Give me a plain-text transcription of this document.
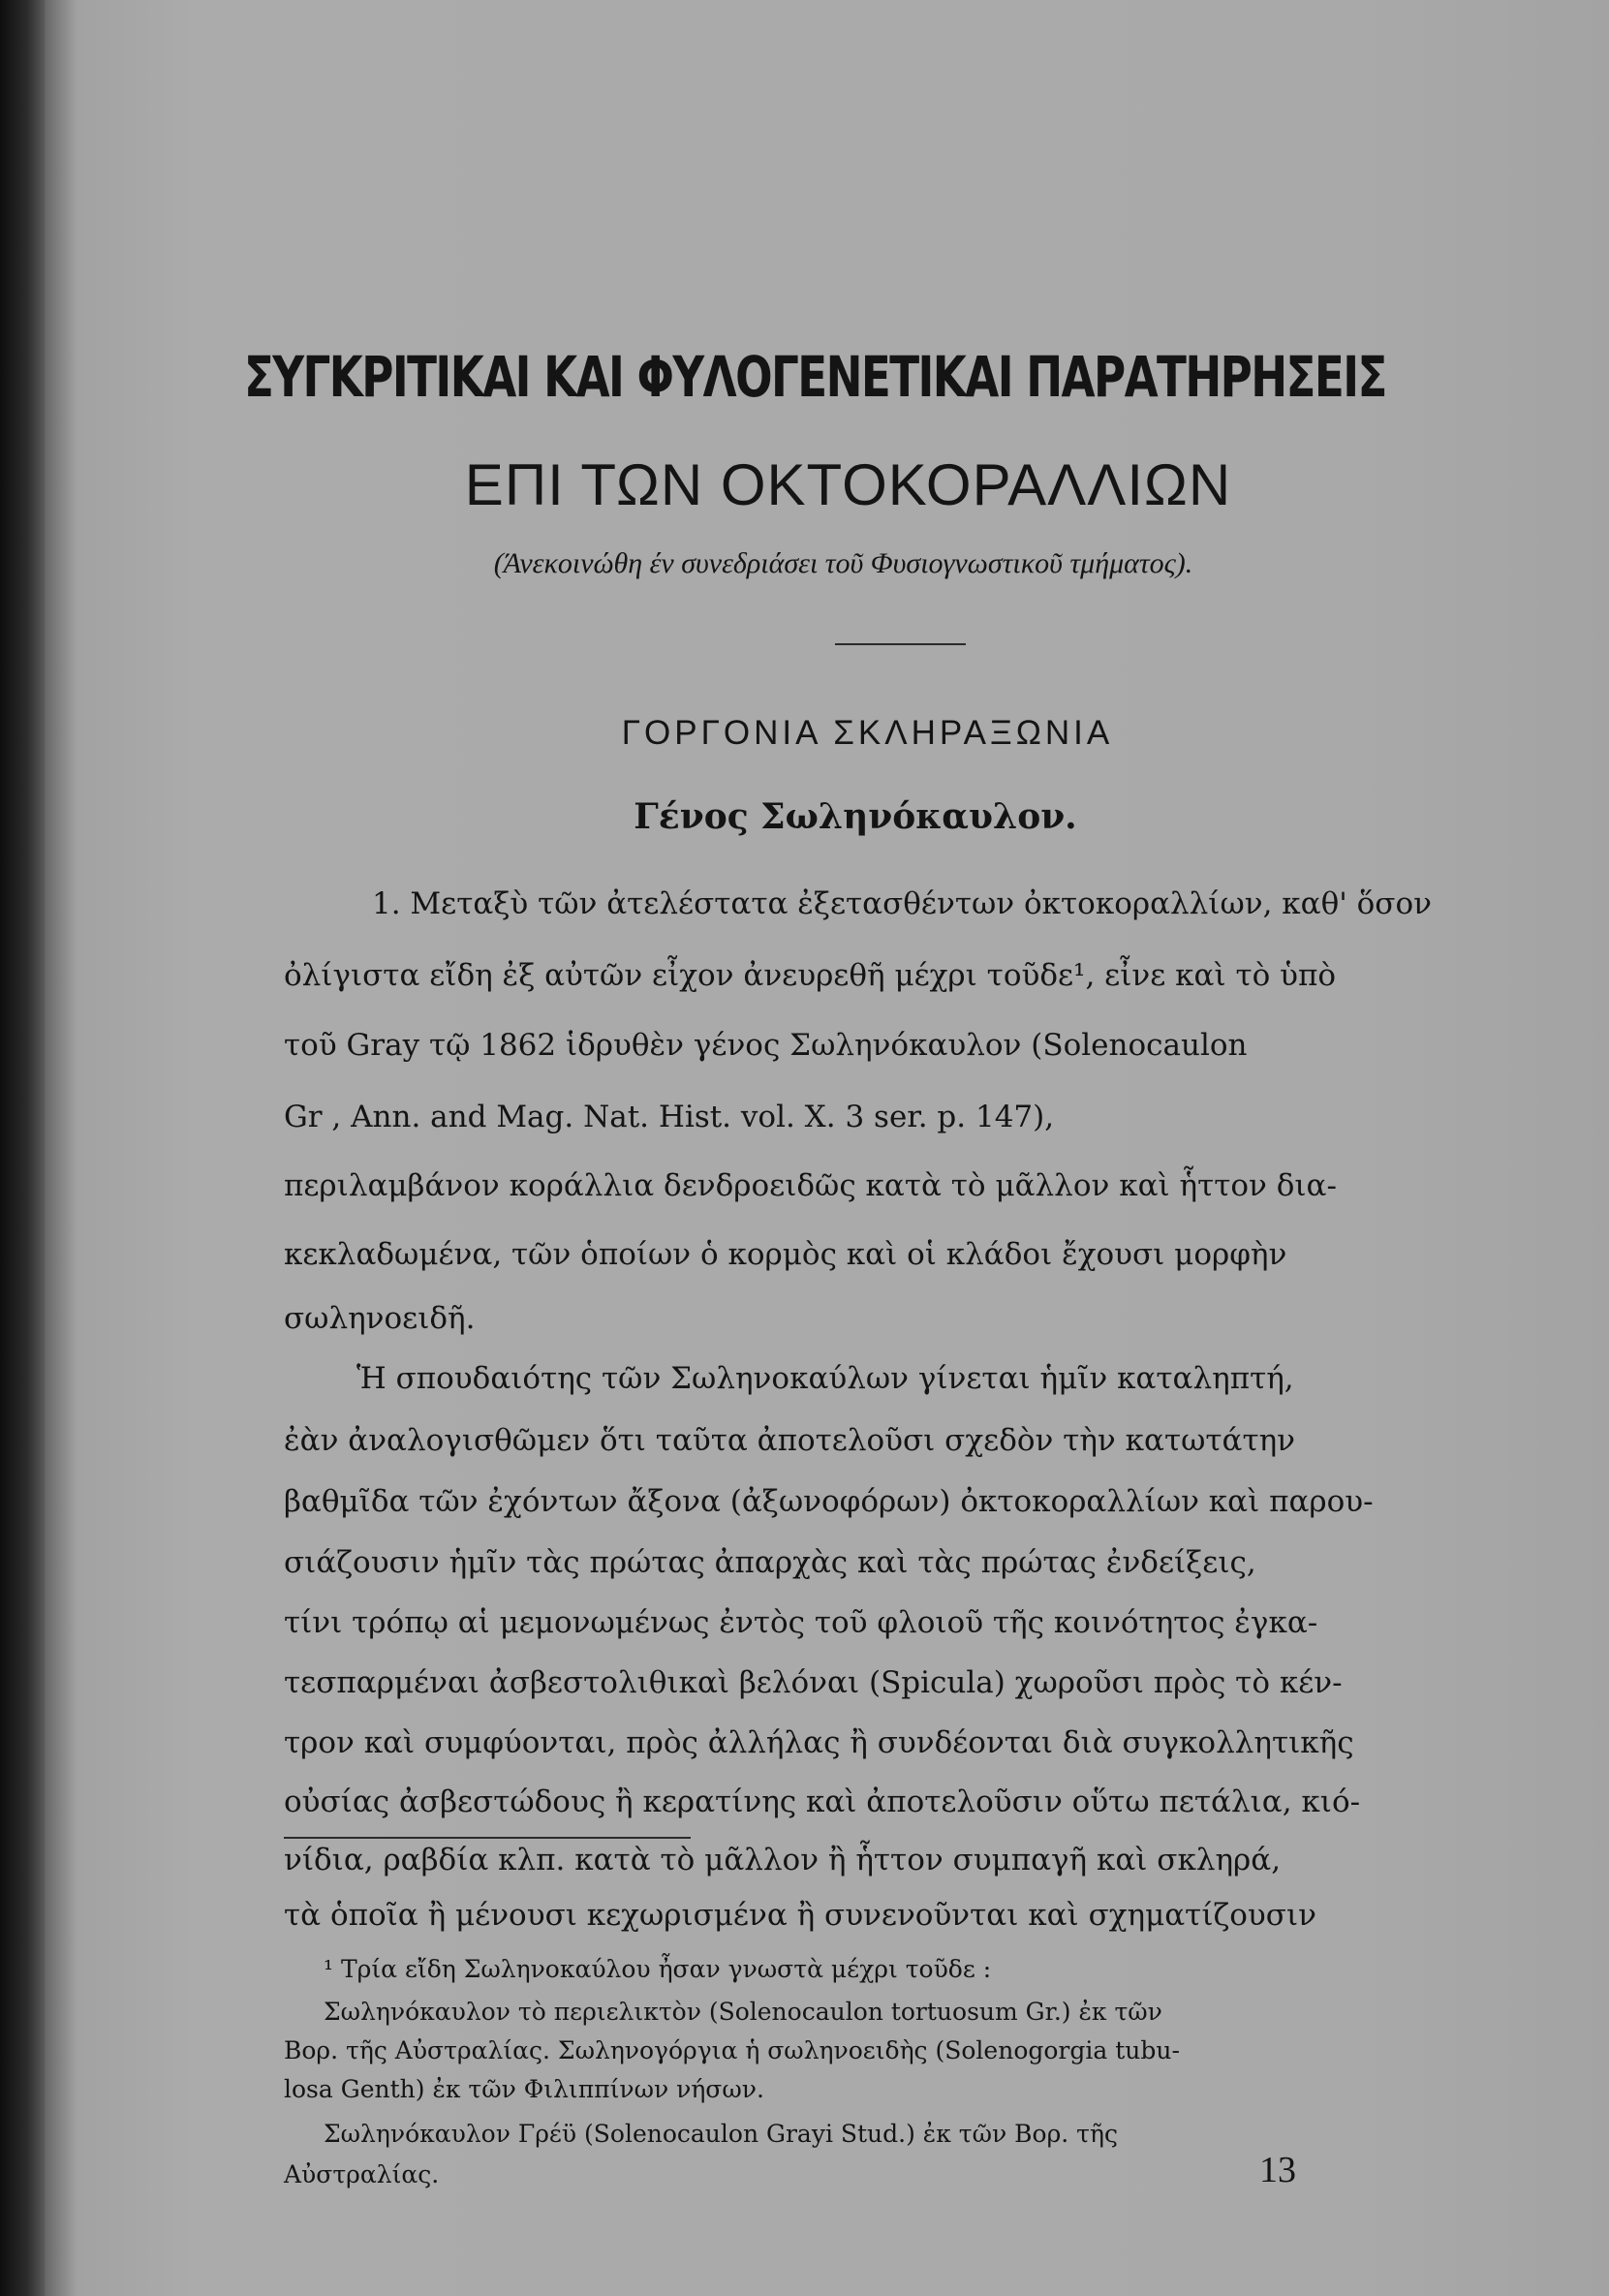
ΣΥΓΚΡΙΤΙΚΑΙ ΚΑΙ ΦΥΛΟΓΕΝΕΤΙΚΑΙ ΠΑΡΑΤΗΡΗΣΕΙΣ
ΕΠΙ ΤΩΝ ΟΚΤΟΚΟΡΑΛΛΙΩΝ
(Άνεκοινώθη έν συνεδριάσει τοῦ Φυσιογνωστικοῦ τμήματος).
ΓΟΡΓΟΝΙΑ ΣΚΛΗΡΑΞΩΝΙΑ
Γένος Σωληνόκαυλον.
1. Μεταξὺ τῶν ἀτελέστατα ἐξετασθέντων ὀκτοκοραλλίων, καθ' ὅσον
ὀλίγιστα εἴδη ἐξ αὐτῶν εἶχον ἀνευρεθῆ μέχρι τοῦδε¹, εἶνε καὶ τὸ ὑπὸ
τοῦ Gray τῷ 1862 ἱδρυθὲν γένος Σωληνόκαυλον (Solenocaulon
Gr , Ann. and Mag. Nat. Hist. vol. X. 3 ser. p. 147),
περιλαμβάνον κοράλλια δενδροειδῶς κατὰ τὸ μᾶλλον καὶ ἧττον δια-
κεκλαδωμένα, τῶν ὁποίων ὁ κορμὸς καὶ οἱ κλάδοι ἔχουσι μορφὴν
σωληνοειδῆ.
Ἡ σπουδαιότης τῶν Σωληνοκαύλων γίνεται ἡμῖν καταληπτή,
ἐὰν ἀναλογισθῶμεν ὅτι ταῦτα ἀποτελοῦσι σχεδὸν τὴν κατωτάτην
βαθμῖδα τῶν ἐχόντων ἄξονα (ἀξωνοφόρων) ὀκτοκοραλλίων καὶ παρου-
σιάζουσιν ἡμῖν τὰς πρώτας ἀπαρχὰς καὶ τὰς πρώτας ἐνδείξεις,
τίνι τρόπῳ αἱ μεμονωμένως ἐντὸς τοῦ φλοιοῦ τῆς κοινότητος ἐγκα-
τεσπαρμέναι ἀσβεστολιθικαὶ βελόναι (Spicula) χωροῦσι πρὸς τὸ κέν-
τρον καὶ συμφύονται, πρὸς ἀλλήλας ἢ συνδέονται διὰ συγκολλητικῆς
οὐσίας ἀσβεστώδους ἢ κερατίνης καὶ ἀποτελοῦσιν οὕτω πετάλια, κιό-
νίδια, ραβδία κλπ. κατὰ τὸ μᾶλλον ἢ ἧττον συμπαγῆ καὶ σκληρά,
τὰ ὁποῖα ἢ μένουσι κεχωρισμένα ἢ συνενοῦνται καὶ σχηματίζουσιν
¹ Τρία εἴδη Σωληνοκαύλου ἦσαν γνωστὰ μέχρι τοῦδε :
Σωληνόκαυλον τὸ περιελικτὸν (Solenocaulon tortuosum Gr.) ἐκ τῶν
Βορ. τῆς Αὐστραλίας. Σωληνογόργια ἡ σωληνοειδὴς (Solenogorgia tubu-
losa Genth) ἐκ τῶν Φιλιππίνων νήσων.
Σωληνόκαυλον Γρέϋ (Solenocaulon Grayi Stud.) ἐκ τῶν Βορ. τῆς
Αὐστραλίας.	13
